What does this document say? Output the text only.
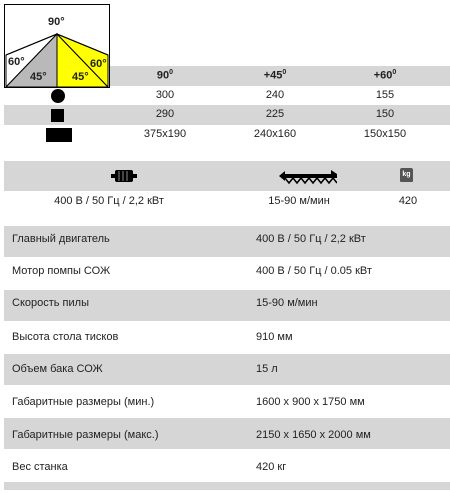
90°
60°
45° 45°
60°
$90^0$	$+45^0$	$+60^0$
300	240	155
290	225	150
375x190	240x160	150x150
kg
400 В / 50 Гц / 2,2 кВт	15-90 м/мин	420
Главный двигатель	400 В / 50 Гц / 2,2 кВт
Мотор помпы СОЖ	400 В / 50 Гц / 0.05 кВт
Скорость пилы	15-90 м/мин
Высота стола тисков	910 мм
Объем бака СОЖ	15 л
Габаритные размеры (мин.)	1600 х 900 х 1750 мм
Габаритные размеры (макс.)	2150 х 1650 х 2000 мм
Вес станка	420 кг
